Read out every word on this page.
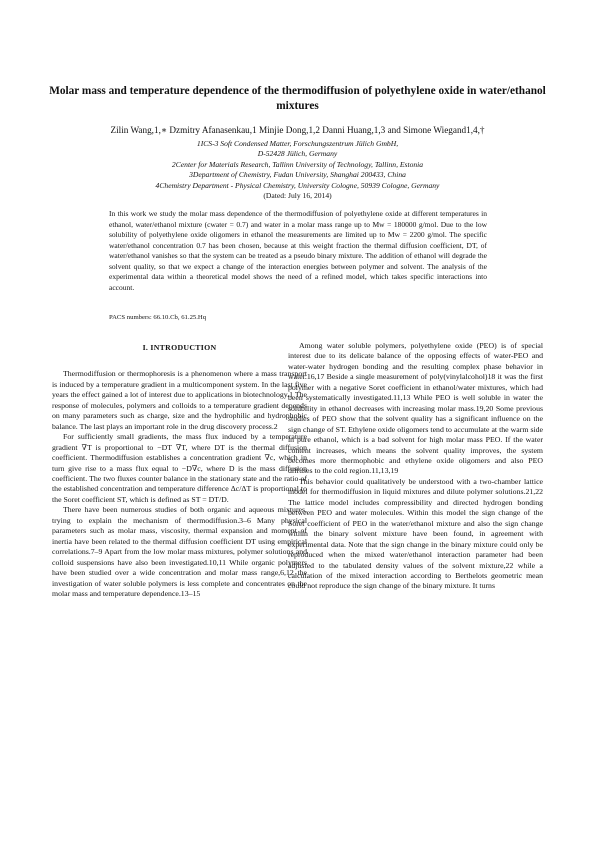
Molar mass and temperature dependence of the thermodiffusion of polyethylene oxide in water/ethanol mixtures
Zilin Wang,1,∗ Dzmitry Afanasenkau,1 Minjie Dong,1,2 Danni Huang,1,3 and Simone Wiegand1,4,†
1ICS-3 Soft Condensed Matter, Forschungszentrum Jülich GmbH,
D-52428 Jülich, Germany
2Center for Materials Research, Tallinn University of Technology, Tallinn, Estonia
3Department of Chemistry, Fudan University, Shanghai 200433, China
4Chemistry Department - Physical Chemistry, University Cologne, 50939 Cologne, Germany
(Dated: July 16, 2014)
In this work we study the molar mass dependence of the thermodiffusion of polyethylene oxide at different temperatures in ethanol, water/ethanol mixture (cwater = 0.7) and water in a molar mass range up to Mw = 180000 g/mol. Due to the low solubility of polyethylene oxide oligomers in ethanol the measurements are limited up to Mw = 2200 g/mol. The specific water/ethanol concentration 0.7 has been chosen, because at this weight fraction the thermal diffusion coefficient, DT, of water/ethanol vanishes so that the system can be treated as a pseudo binary mixture. The addition of ethanol will degrade the solvent quality, so that we expect a change of the interaction energies between polymer and solvent. The analysis of the experimental data within a theoretical model shows the need of a refined model, which takes specific interactions into account.
PACS numbers: 66.10.Cb, 61.25.Hq
I. INTRODUCTION

Thermodiffusion or thermophoresis is a phenomenon where a mass transport is induced by a temperature gradient in a multicomponent system. In the last five years the effect gained a lot of interest due to applications in biotechnology.1 The response of molecules, polymers and colloids to a temperature gradient depends on many parameters such as charge, size and the hydrophilic and hydrophobic balance. The last plays an important role in the drug discovery process.2

For sufficiently small gradients, the mass flux induced by a temperature gradient ∇T is proportional to −DT ∇T, where DT is the thermal diffusion coefficient. Thermodiffusion establishes a concentration gradient ∇c, which in turn give rise to a mass flux equal to −D∇c, where D is the mass diffusion coefficient. The two fluxes counter balance in the stationary state and the ratio of the established concentration and temperature difference Δc/ΔT is proportional to the Soret coefficient ST, which is defined as ST = DT/D.

There have been numerous studies of both organic and aqueous mixtures, trying to explain the mechanism of thermodiffusion.3–6 Many physical parameters such as molar mass, viscosity, thermal expansion and moment of inertia have been related to the thermal diffusion coefficient DT using empirical correlations.7–9 Apart from the low molar mass mixtures, polymer solutions and colloid suspensions have also been investigated.10,11 While organic polymers have been studied over a wide concentration and molar mass range,6,12 the investigation of water soluble polymers is less complete and concentrates on the molar mass and temperature dependence.13–15

Among water soluble polymers, polyethylene oxide (PEO) is of special interest due to its delicate balance of the opposing effects of water-PEO and water-water hydrogen bonding and the resulting complex phase behavior in water.16,17 Beside a single measurement of poly(vinylalcohol)18 it was the first polymer with a negative Soret coefficient in ethanol/water mixtures, which had been systematically investigated.11,13 While PEO is well soluble in water the solubility in ethanol decreases with increasing molar mass.19,20 Some previous studies of PEO show that the solvent quality has a significant influence on the sign change of ST. Ethylene oxide oligomers tend to accumulate at the warm side in pure ethanol, which is a bad solvent for high molar mass PEO. If the water content increases, which means the solvent quality improves, the system becomes more thermophobic and ethylene oxide oligomers and also PEO diffuses to the cold region.11,13,19

This behavior could qualitatively be understood with a two-chamber lattice model for thermodiffusion in liquid mixtures and dilute polymer solutions.21,22 The lattice model includes compressibility and directed hydrogen bonding between PEO and water molecules. Within this model the sign change of the Soret coefficient of PEO in the water/ethanol mixture and also the sign change within the binary solvent mixture have been found, in agreement with experimental data. Note that the sign change in the binary mixture could only be reproduced when the mixed water/ethanol interaction parameter had been adjusted to the tabulated density values of the solvent mixture,22 while a calculation of the mixed interaction according to Berthelots geometric mean could not reproduce the sign change of the binary mixture. It turns
